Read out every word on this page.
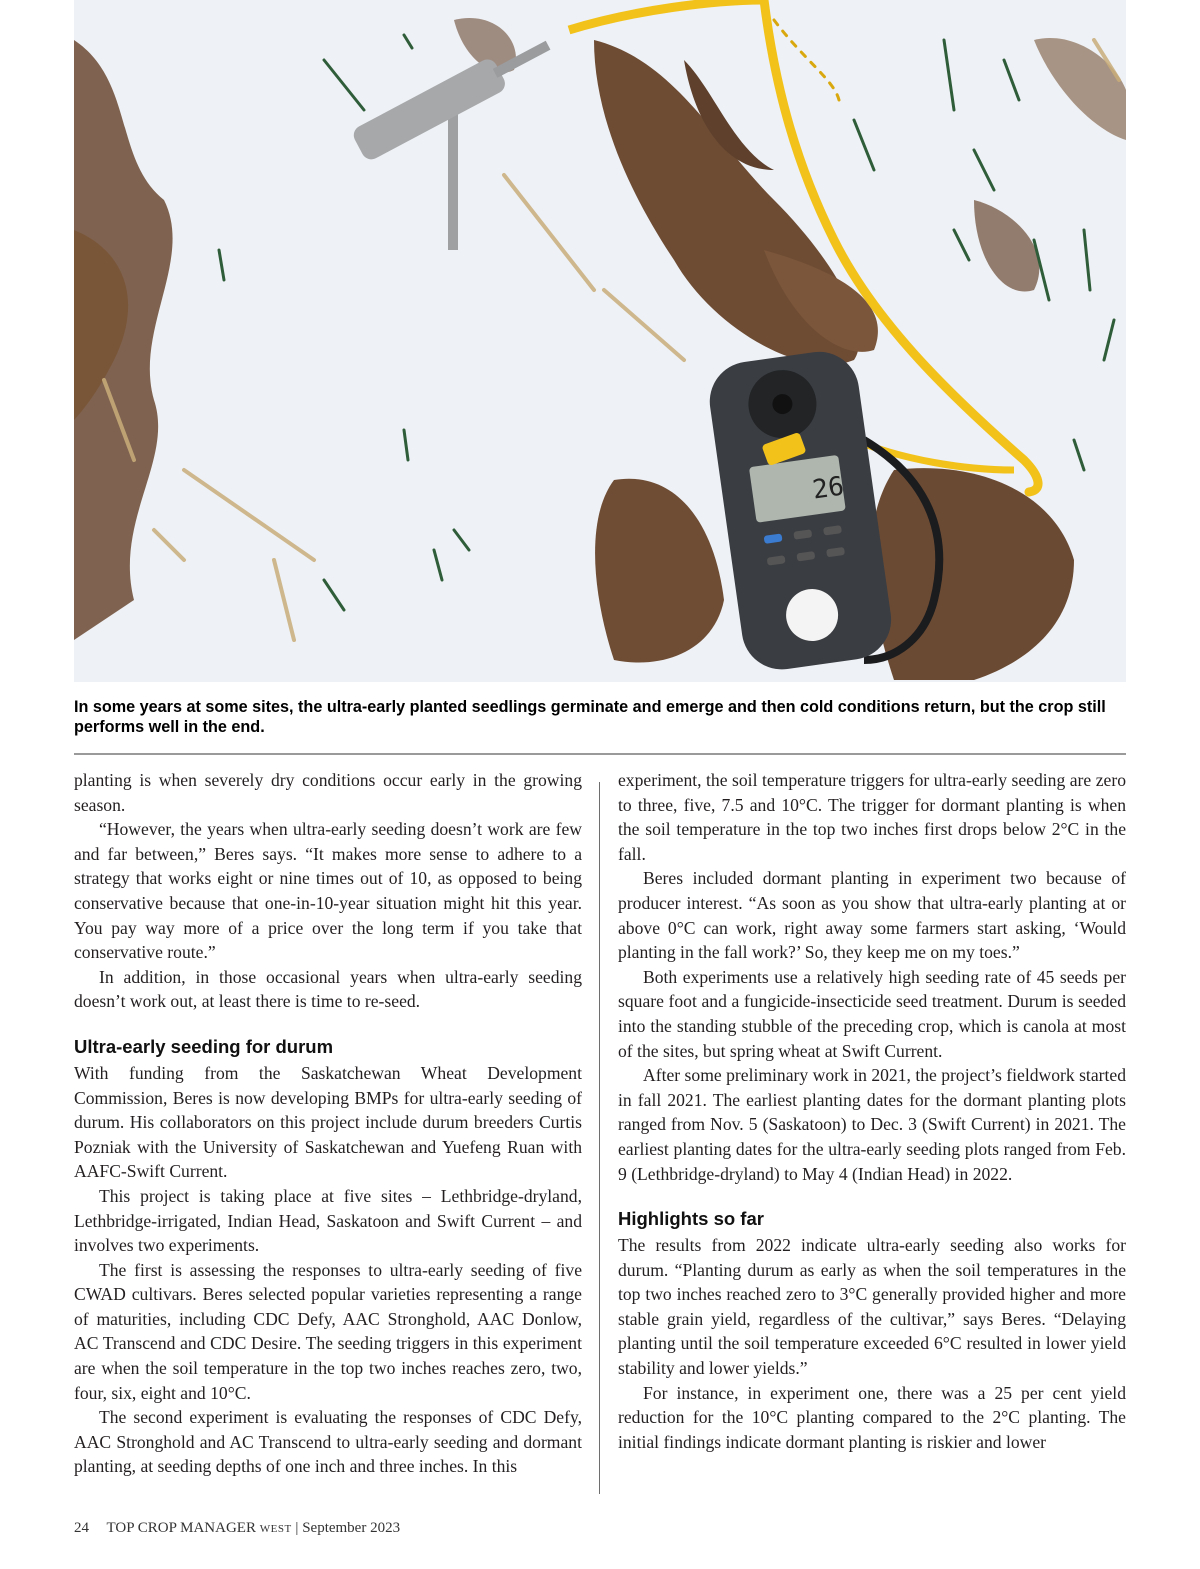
26
In some years at some sites, the ultra-early planted seedlings germinate and emerge and then cold conditions return, but the crop still performs well in the end.

planting is when severely dry conditions occur early in the growing season.

“However, the years when ultra-early seeding doesn’t work are few and far between,” Beres says. “It makes more sense to adhere to a strategy that works eight or nine times out of 10, as opposed to being conservative because that one-in-10-year situation might hit this year. You pay way more of a price over the long term if you take that conservative route.”

In addition, in those occasional years when ultra-early seeding doesn’t work out, at least there is time to re-seed.

Ultra-early seeding for durum

With funding from the Saskatchewan Wheat Development Commission, Beres is now developing BMPs for ultra-early seeding of durum. His collaborators on this project include durum breeders Curtis Pozniak with the University of Saskatchewan and Yuefeng Ruan with AAFC-Swift Current.

This project is taking place at five sites – Lethbridge-dryland, Lethbridge-irrigated, Indian Head, Saskatoon and Swift Current – and involves two experiments.

The first is assessing the responses to ultra-early seeding of five CWAD cultivars. Beres selected popular varieties representing a range of maturities, including CDC Defy, AAC Stronghold, AAC Donlow, AC Transcend and CDC Desire. The seeding triggers in this experiment are when the soil temperature in the top two inches reaches zero, two, four, six, eight and 10°C.

The second experiment is evaluating the responses of CDC Defy, AAC Stronghold and AC Transcend to ultra-early seeding and dormant planting, at seeding depths of one inch and three inches. In this

experiment, the soil temperature triggers for ultra-early seeding are zero to three, five, 7.5 and 10°C. The trigger for dormant planting is when the soil temperature in the top two inches first drops below 2°C in the fall.

Beres included dormant planting in experiment two because of producer interest. “As soon as you show that ultra-early planting at or above 0°C can work, right away some farmers start asking, ‘Would planting in the fall work?’ So, they keep me on my toes.”

Both experiments use a relatively high seeding rate of 45 seeds per square foot and a fungicide-insecticide seed treatment. Durum is seeded into the standing stubble of the preceding crop, which is canola at most of the sites, but spring wheat at Swift Current.

After some preliminary work in 2021, the project’s fieldwork started in fall 2021. The earliest planting dates for the dormant planting plots ranged from Nov. 5 (Saskatoon) to Dec. 3 (Swift Current) in 2021. The earliest planting dates for the ultra-early seeding plots ranged from Feb. 9 (Lethbridge-dryland) to May 4 (Indian Head) in 2022.

Highlights so far

The results from 2022 indicate ultra-early seeding also works for durum. “Planting durum as early as when the soil temperatures in the top two inches reached zero to 3°C generally provided higher and more stable grain yield, regardless of the cultivar,” says Beres. “Delaying planting until the soil temperature exceeded 6°C resulted in lower yield stability and lower yields.”

For instance, in experiment one, there was a 25 per cent yield reduction for the 10°C planting compared to the 2°C planting. The initial findings indicate dormant planting is riskier and lower

24 TOP CROP MANAGER WEST | September 2023
